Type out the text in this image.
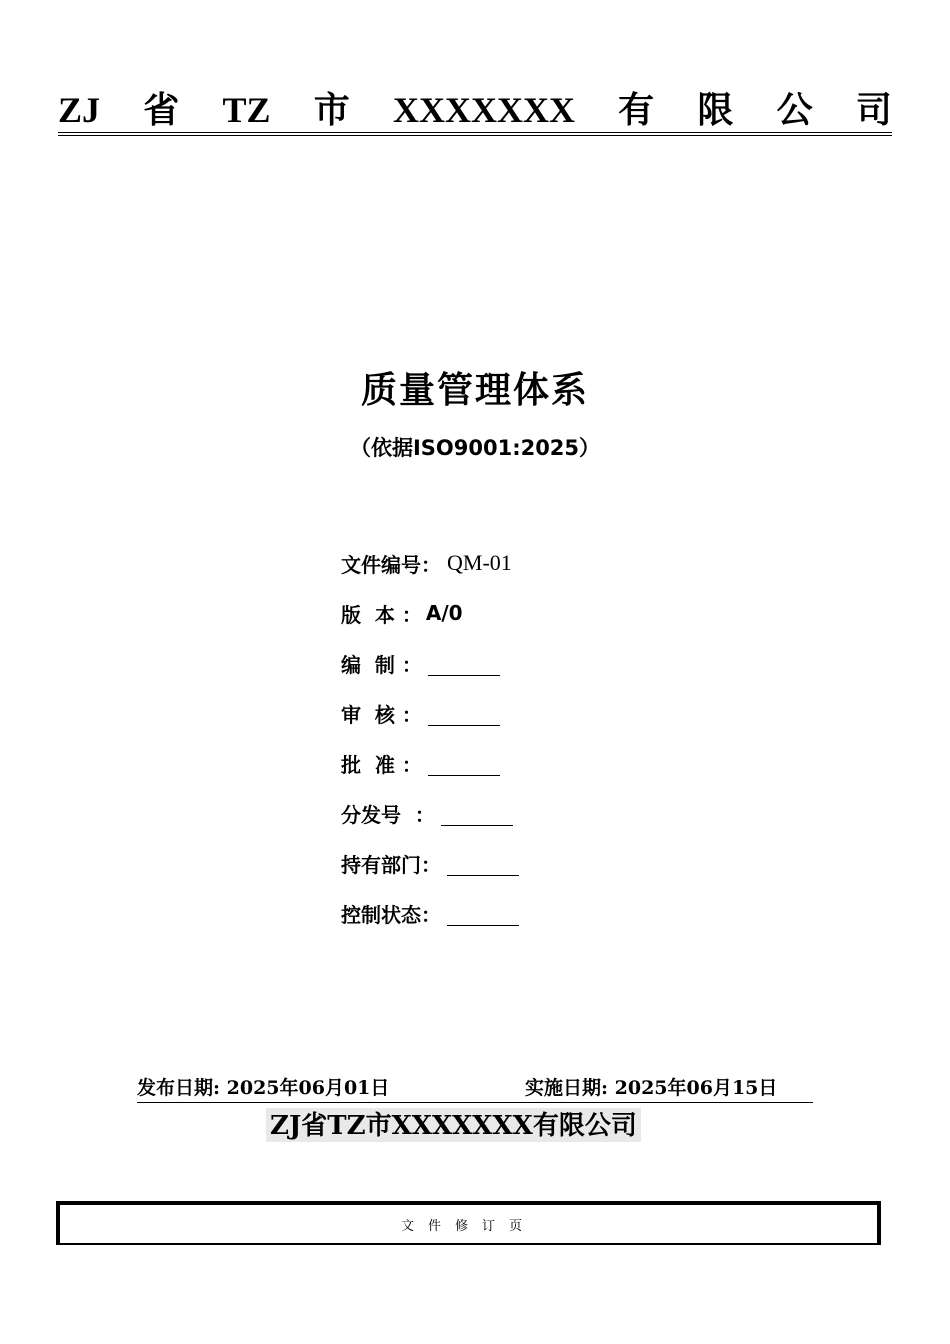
ZJ 省 TZ 市 XXXXXXX 有 限 公 司
质量管理体系
（依据ISO9001:2025）
文件编号： QM-01
版  本 ： A/0
编  制 ：
审  核 ：
批  准 ：
分发号  ：
持有部门：
控制状态：
发布日期: 2025年06月01日	实施日期: 2025年06月15日
ZJ省TZ市XXXXXXX有限公司
文件修订页
